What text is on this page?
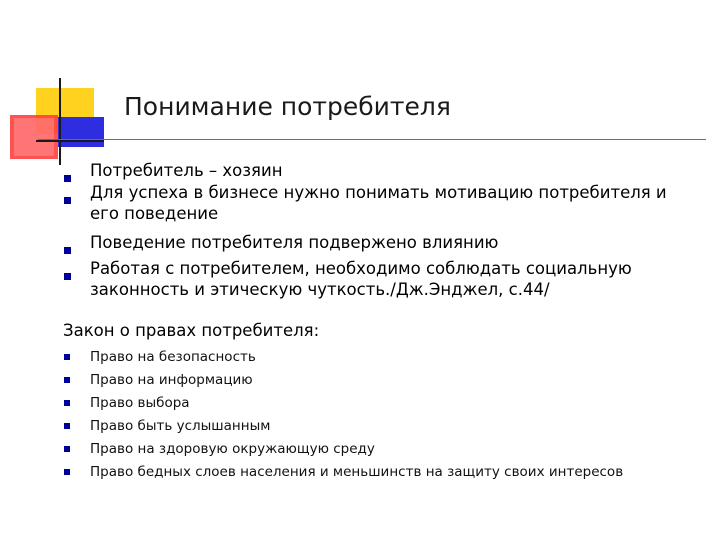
Понимание потребителя
Потребитель – хозяин
Для успеха в бизнесе нужно понимать мотивацию потребителя и
его поведение
Поведение потребителя подвержено влиянию
Работая с потребителем, необходимо соблюдать социальную
законность и этическую чуткость./Дж.Энджел, с.44/
Закон о правах потребителя:
Право на безопасность
Право на информацию
Право выбора
Право быть услышанным
Право на здоровую окружающую среду
Право бедных слоев населения и меньшинств на защиту своих интересов
